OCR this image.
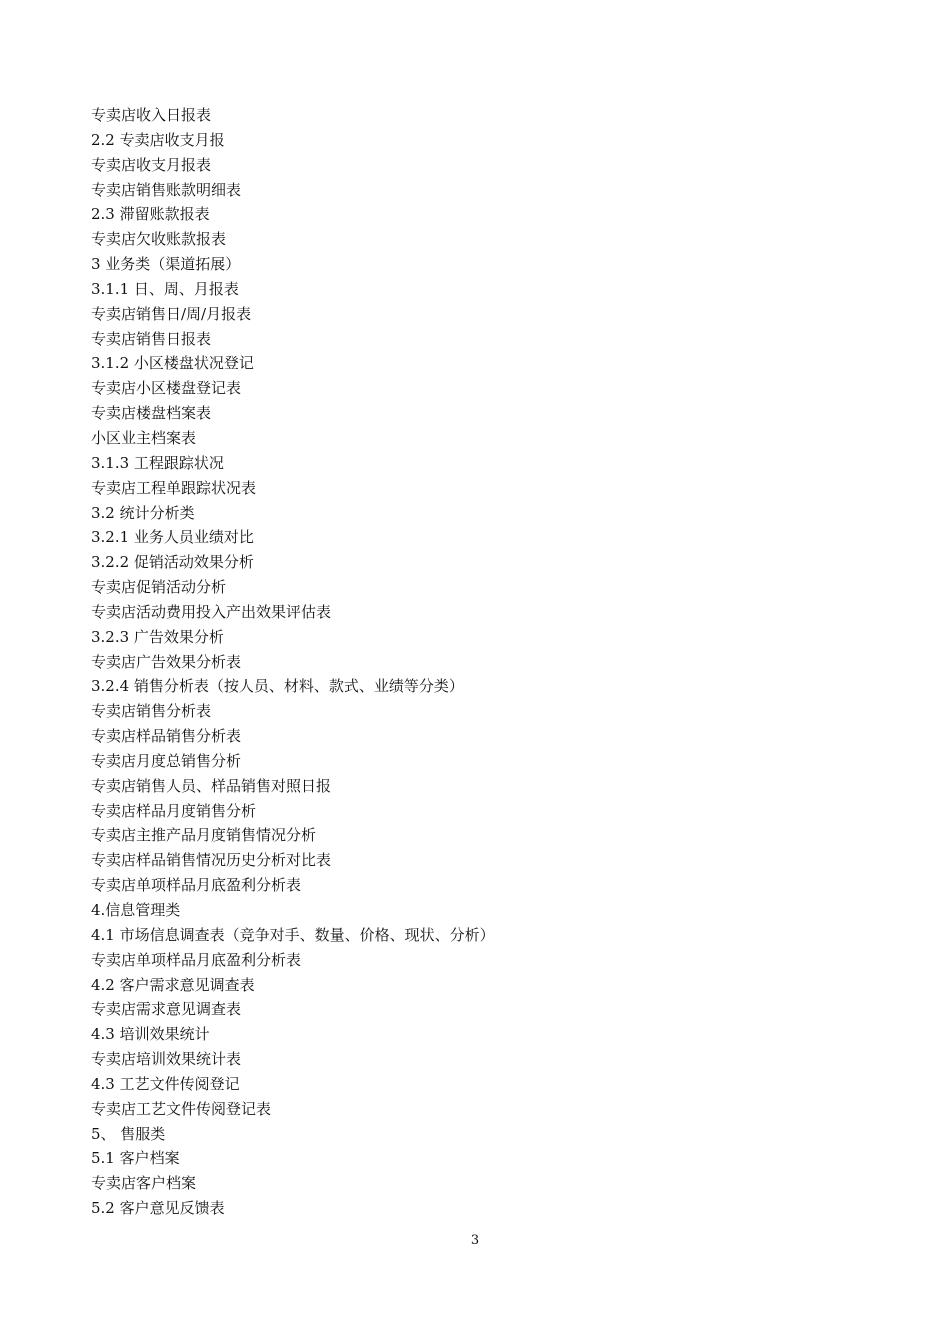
专卖店收入日报表
2.2 专卖店收支月报
专卖店收支月报表
专卖店销售账款明细表
2.3 滞留账款报表
专卖店欠收账款报表
3 业务类（渠道拓展）
3.1.1 日、周、月报表
专卖店销售日/周/月报表
专卖店销售日报表
3.1.2 小区楼盘状况登记
专卖店小区楼盘登记表
专卖店楼盘档案表
小区业主档案表
3.1.3 工程跟踪状况
专卖店工程单跟踪状况表
3.2 统计分析类
3.2.1 业务人员业绩对比
3.2.2 促销活动效果分析
专卖店促销活动分析
专卖店活动费用投入产出效果评估表
3.2.3 广告效果分析
专卖店广告效果分析表
3.2.4 销售分析表（按人员、材料、款式、业绩等分类）
专卖店销售分析表
专卖店样品销售分析表
专卖店月度总销售分析
专卖店销售人员、样品销售对照日报
专卖店样品月度销售分析
专卖店主推产品月度销售情况分析
专卖店样品销售情况历史分析对比表
专卖店单项样品月底盈利分析表
4.信息管理类
4.1 市场信息调查表（竞争对手、数量、价格、现状、分析）
专卖店单项样品月底盈利分析表
4.2 客户需求意见调查表
专卖店需求意见调查表
4.3 培训效果统计
专卖店培训效果统计表
4.3 工艺文件传阅登记
专卖店工艺文件传阅登记表
5、 售服类
5.1 客户档案
专卖店客户档案
5.2 客户意见反馈表
3
